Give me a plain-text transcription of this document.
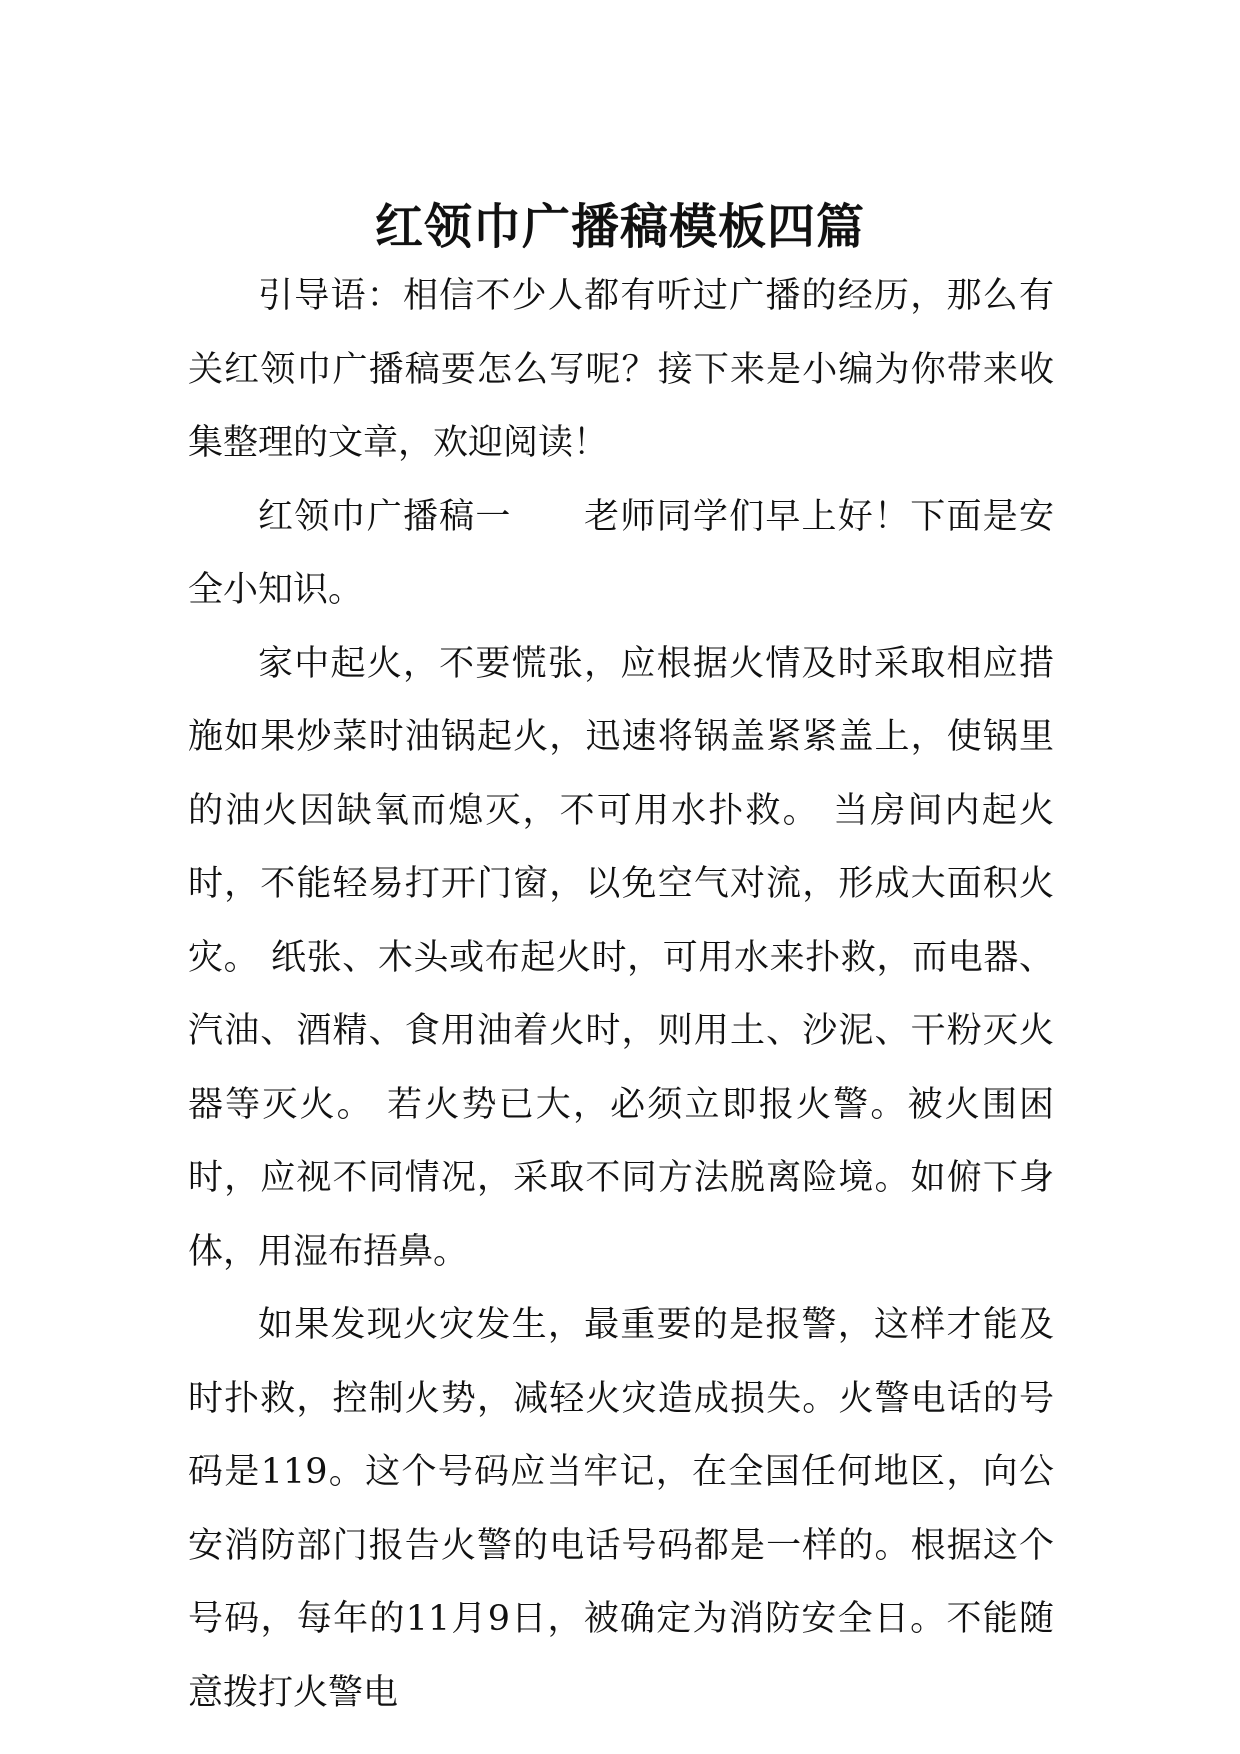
红领巾广播稿模板四篇

引导语：相信不少人都有听过广播的经历，那么有关红领巾广播稿要怎么写呢？接下来是小编为你带来收集整理的文章，欢迎阅读！

红领巾广播稿一　　老师同学们早上好！下面是安全小知识。

家中起火，不要慌张，应根据火情及时采取相应措施如果炒菜时油锅起火，迅速将锅盖紧紧盖上，使锅里的油火因缺氧而熄灭，不可用水扑救。 当房间内起火时，不能轻易打开门窗，以免空气对流，形成大面积火灾。 纸张、木头或布起火时，可用水来扑救，而电器、汽油、酒精、食用油着火时，则用土、沙泥、干粉灭火器等灭火。 若火势已大，必须立即报火警。被火围困时，应视不同情况，采取不同方法脱离险境。如俯下身体，用湿布捂鼻。

如果发现火灾发生，最重要的是报警，这样才能及时扑救，控制火势，减轻火灾造成损失。火警电话的号码是119。这个号码应当牢记，在全国任何地区，向公安消防部门报告火警的电话号码都是一样的。根据这个号码，每年的11月9日，被确定为消防安全日。不能随意拨打火警电
